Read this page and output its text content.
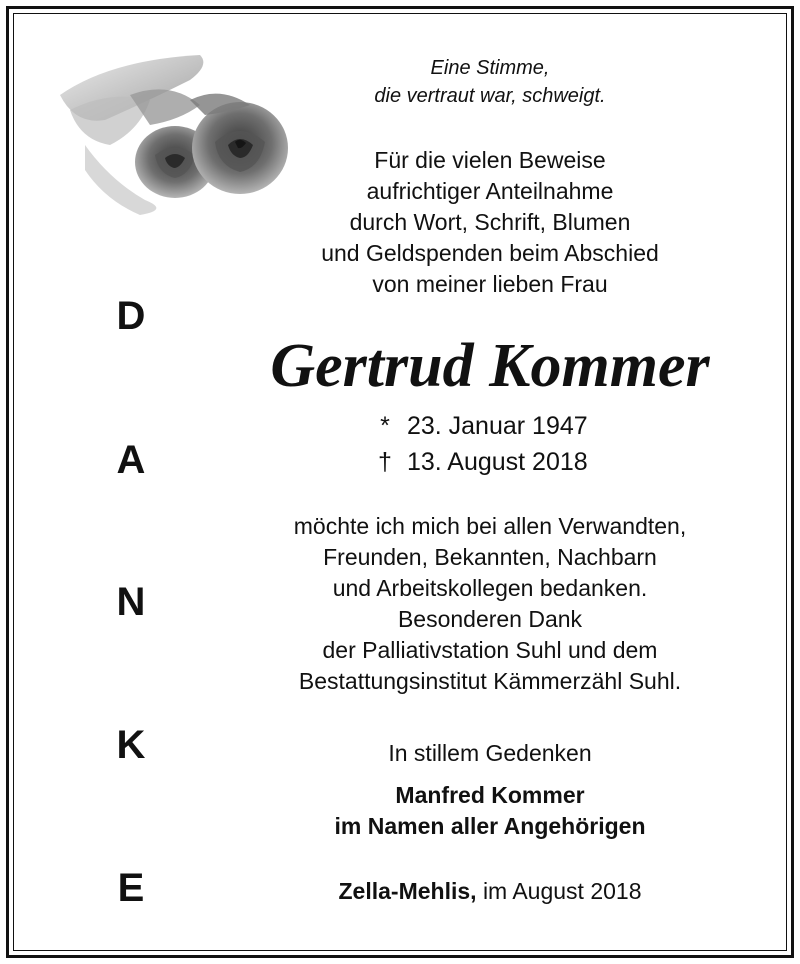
Eine Stimme,
die vertraut war, schweigt.
Für die vielen Beweise
aufrichtiger Anteilnahme
durch Wort, Schrift, Blumen
und Geldspenden beim Abschied
von meiner lieben Frau
Gertrud Kommer
* 23. Januar 1947
† 13. August 2018
möchte ich mich bei allen Verwandten,
Freunden, Bekannten, Nachbarn
und Arbeitskollegen bedanken.
Besonderen Dank
der Palliativstation Suhl und dem
Bestattungsinstitut Kämmerzähl Suhl.
In stillem Gedenken
Manfred Kommer
im Namen aller Angehörigen
Zella-Mehlis, im August 2018
D
A
N
K
E
